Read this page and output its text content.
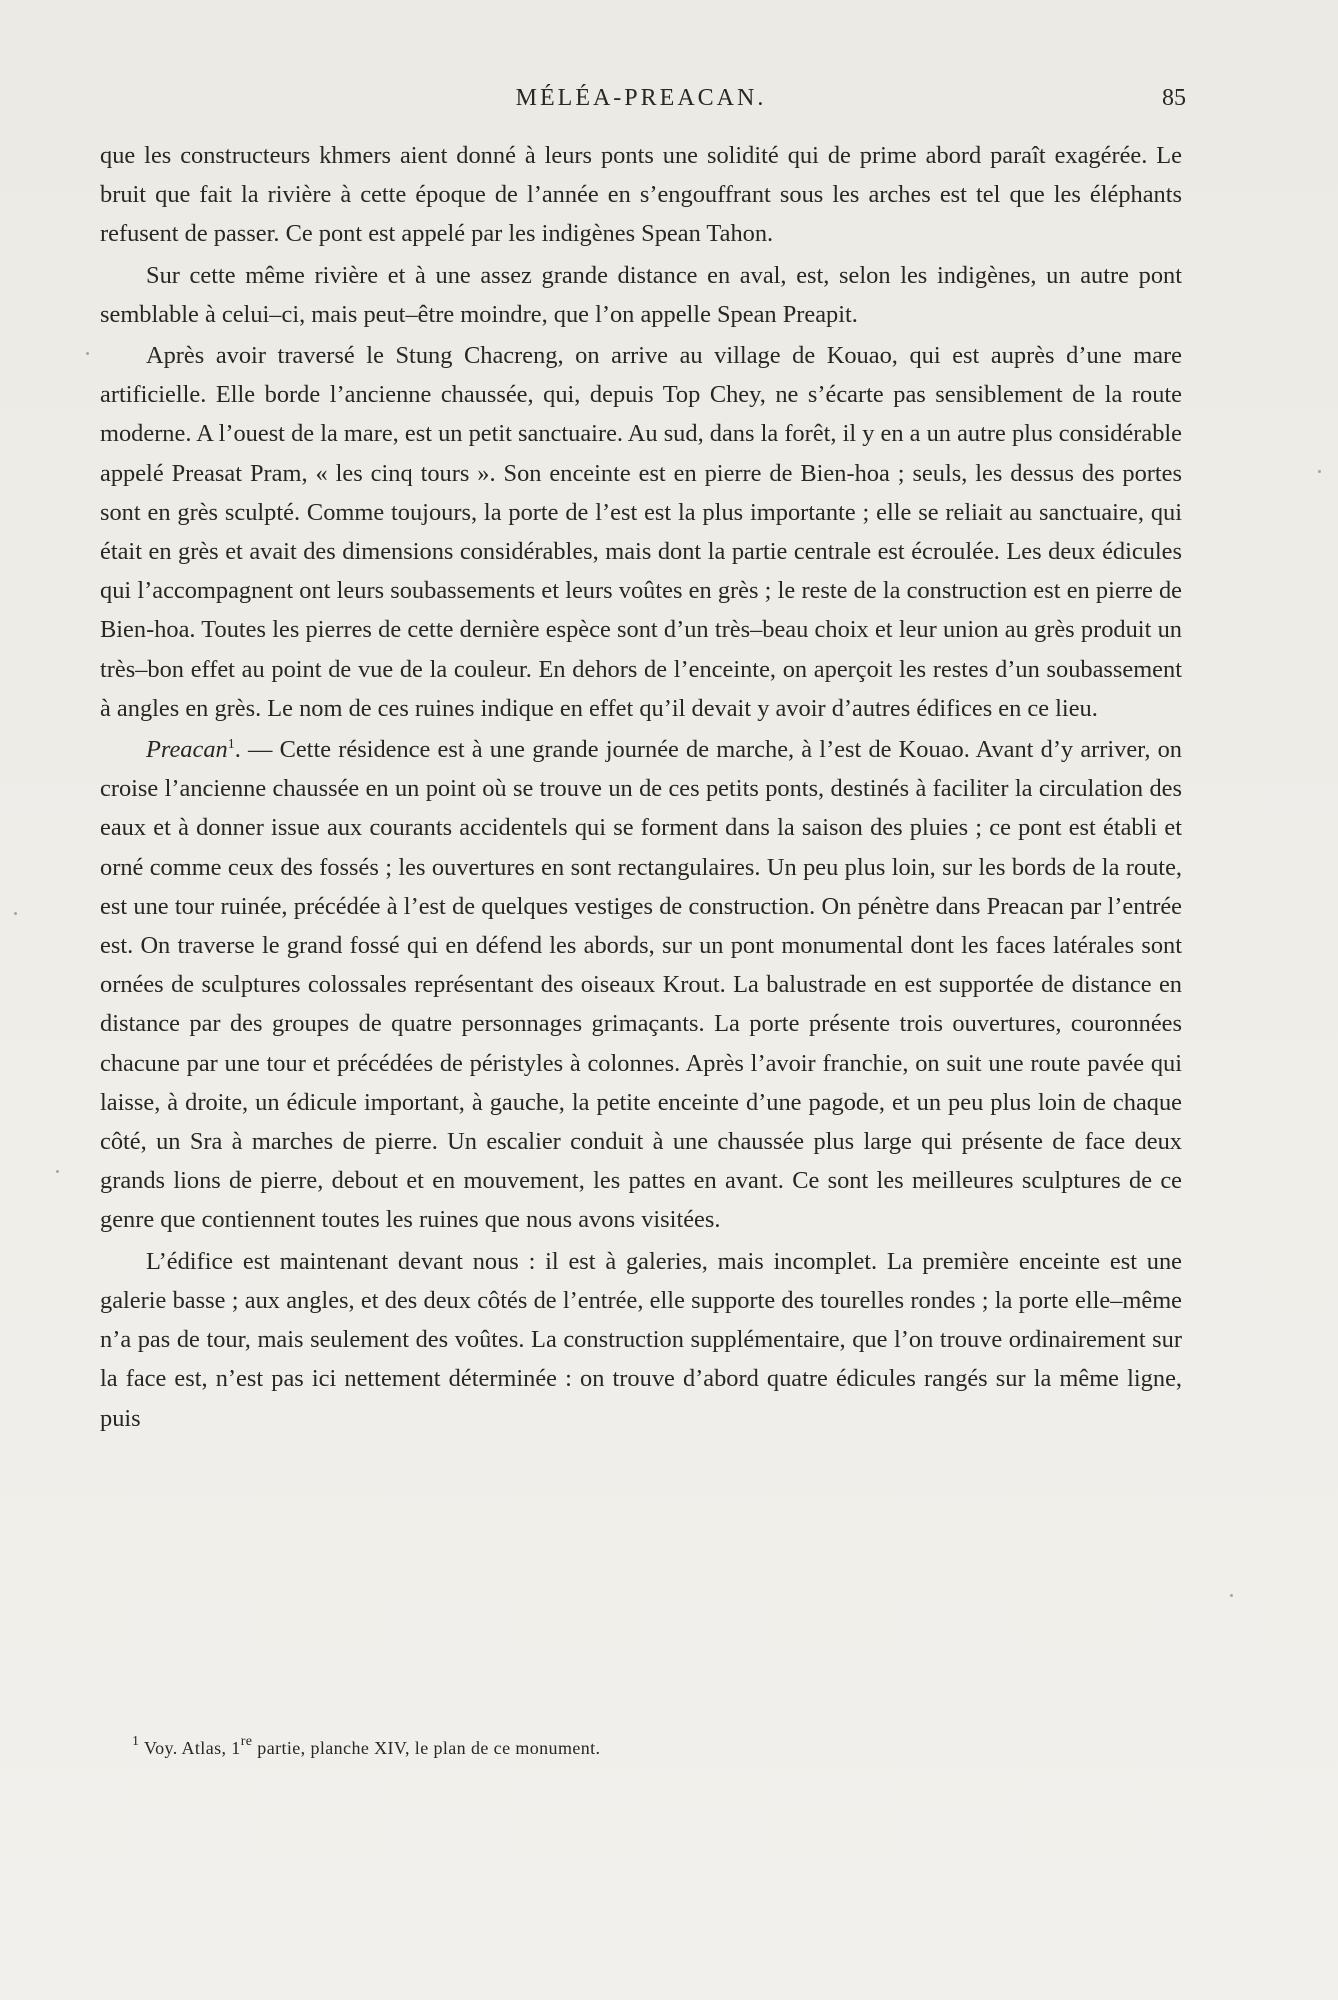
MÉLÉA-PREACAN.	85

que les constructeurs khmers aient donné à leurs ponts une solidité qui de prime abord paraît exagérée. Le bruit que fait la rivière à cette époque de l’année en s’engouffrant sous les arches est tel que les éléphants refusent de passer. Ce pont est appelé par les indigènes Spean Tahon.

Sur cette même rivière et à une assez grande distance en aval, est, selon les indigènes, un autre pont semblable à celui–ci, mais peut–être moindre, que l’on appelle Spean Preapit.

Après avoir traversé le Stung Chacreng, on arrive au village de Kouao, qui est auprès d’une mare artificielle. Elle borde l’ancienne chaussée, qui, depuis Top Chey, ne s’écarte pas sensiblement de la route moderne. A l’ouest de la mare, est un petit sanctuaire. Au sud, dans la forêt, il y en a un autre plus considérable appelé Preasat Pram, « les cinq tours ». Son enceinte est en pierre de Bien-hoa ; seuls, les dessus des portes sont en grès sculpté. Comme toujours, la porte de l’est est la plus importante ; elle se reliait au sanctuaire, qui était en grès et avait des dimensions considérables, mais dont la partie centrale est écroulée. Les deux édicules qui l’accompagnent ont leurs soubassements et leurs voûtes en grès ; le reste de la construction est en pierre de Bien-hoa. Toutes les pierres de cette dernière espèce sont d’un très–beau choix et leur union au grès produit un très–bon effet au point de vue de la couleur. En dehors de l’enceinte, on aperçoit les restes d’un soubassement à angles en grès. Le nom de ces ruines indique en effet qu’il devait y avoir d’autres édifices en ce lieu.

Preacan$^1$. — Cette résidence est à une grande journée de marche, à l’est de Kouao. Avant d’y arriver, on croise l’ancienne chaussée en un point où se trouve un de ces petits ponts, destinés à faciliter la circulation des eaux et à donner issue aux courants accidentels qui se forment dans la saison des pluies ; ce pont est établi et orné comme ceux des fossés ; les ouvertures en sont rectangulaires. Un peu plus loin, sur les bords de la route, est une tour ruinée, précédée à l’est de quelques vestiges de construction. On pénètre dans Preacan par l’entrée est. On traverse le grand fossé qui en défend les abords, sur un pont monumental dont les faces latérales sont ornées de sculptures colossales représentant des oiseaux Krout. La balustrade en est supportée de distance en distance par des groupes de quatre personnages grimaçants. La porte présente trois ouvertures, couronnées chacune par une tour et précédées de péristyles à colonnes. Après l’avoir franchie, on suit une route pavée qui laisse, à droite, un édicule important, à gauche, la petite enceinte d’une pagode, et un peu plus loin de chaque côté, un Sra à marches de pierre. Un escalier conduit à une chaussée plus large qui présente de face deux grands lions de pierre, debout et en mouvement, les pattes en avant. Ce sont les meilleures sculptures de ce genre que contiennent toutes les ruines que nous avons visitées.

L’édifice est maintenant devant nous : il est à galeries, mais incomplet. La première enceinte est une galerie basse ; aux angles, et des deux côtés de l’entrée, elle supporte des tourelles rondes ; la porte elle–même n’a pas de tour, mais seulement des voûtes. La construction supplémentaire, que l’on trouve ordinairement sur la face est, n’est pas ici nettement déterminée : on trouve d’abord quatre édicules rangés sur la même ligne, puis

$^1$ Voy. Atlas, 1re partie, planche XIV, le plan de ce monument.
